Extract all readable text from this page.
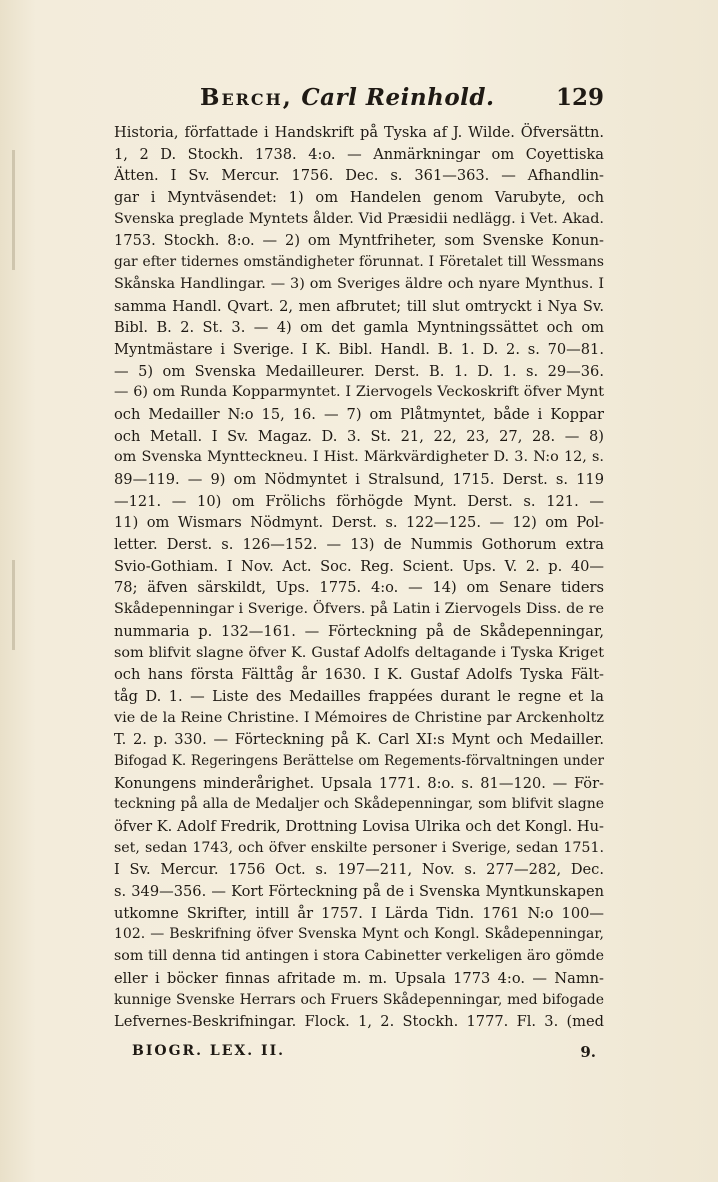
Berch, Carl Reinhold.	129
Historia, författade i Handskrift på Tyska af J. Wilde. Öfversättn.
1, 2 D. Stockh. 1738. 4:o. — Anmärkningar om Coyettiska
Ätten. I Sv. Mercur. 1756. Dec. s. 361—363. — Afhandlin-
gar i Myntväsendet: 1) om Handelen genom Varubyte, och
Svenska preglade Myntets ålder. Vid Præsidii nedlägg. i Vet. Akad.
1753. Stockh. 8:o. — 2) om Myntfriheter, som Svenske Konun-
gar efter tidernes omständigheter förunnat. I Företalet till Wessmans
Skånska Handlingar. — 3) om Sveriges äldre och nyare Mynthus. I
samma Handl. Qvart. 2, men afbrutet; till slut omtryckt i Nya Sv.
Bibl. B. 2. St. 3. — 4) om det gamla Myntningssättet och om
Myntmästare i Sverige. I K. Bibl. Handl. B. 1. D. 2. s. 70—81.
— 5) om Svenska Medailleurer. Derst. B. 1. D. 1. s. 29—36.
— 6) om Runda Kopparmyntet. I Ziervogels Veckoskrift öfver Mynt
och Medailler N:o 15, 16. — 7) om Plåtmyntet, både i Koppar
och Metall. I Sv. Magaz. D. 3. St. 21, 22, 23, 27, 28. — 8)
om Svenska Myntteckneu. I Hist. Märkvärdigheter D. 3. N:o 12, s.
89—119. — 9) om Nödmyntet i Stralsund, 1715. Derst. s. 119
—121. — 10) om Frölichs förhögde Mynt. Derst. s. 121. —
11) om Wismars Nödmynt. Derst. s. 122—125. — 12) om Pol-
letter. Derst. s. 126—152. — 13) de Nummis Gothorum extra
Svio-Gothiam. I Nov. Act. Soc. Reg. Scient. Ups. V. 2. p. 40—
78; äfven särskildt, Ups. 1775. 4:o. — 14) om Senare tiders
Skådepenningar i Sverige. Öfvers. på Latin i Ziervogels Diss. de re
nummaria p. 132—161. — Förteckning på de Skådepenningar,
som blifvit slagne öfver K. Gustaf Adolfs deltagande i Tyska Kriget
och hans första Fälttåg år 1630. I K. Gustaf Adolfs Tyska Fält-
tåg D. 1. — Liste des Medailles frappées durant le regne et la
vie de la Reine Christine. I Mémoires de Christine par Arckenholtz
T. 2. p. 330. — Förteckning på K. Carl XI:s Mynt och Medailler.
Bifogad K. Regeringens Berättelse om Regements-förvaltningen under
Konungens minderårighet. Upsala 1771. 8:o. s. 81—120. — För-
teckning på alla de Medaljer och Skådepenningar, som blifvit slagne
öfver K. Adolf Fredrik, Drottning Lovisa Ulrika och det Kongl. Hu-
set, sedan 1743, och öfver enskilte personer i Sverige, sedan 1751.
I Sv. Mercur. 1756 Oct. s. 197—211, Nov. s. 277—282, Dec.
s. 349—356. — Kort Förteckning på de i Svenska Myntkunskapen
utkomne Skrifter, intill år 1757. I Lärda Tidn. 1761 N:o 100—
102. — Beskrifning öfver Svenska Mynt och Kongl. Skådepenningar,
som till denna tid antingen i stora Cabinetter verkeligen äro gömde
eller i böcker finnas afritade m. m. Upsala 1773 4:o. — Namn-
kunnige Svenske Herrars och Fruers Skådepenningar, med bifogade
Lefvernes-Beskrifningar. Flock. 1, 2. Stockh. 1777. Fl. 3. (med
BIOGR. LEX. II.	9.
